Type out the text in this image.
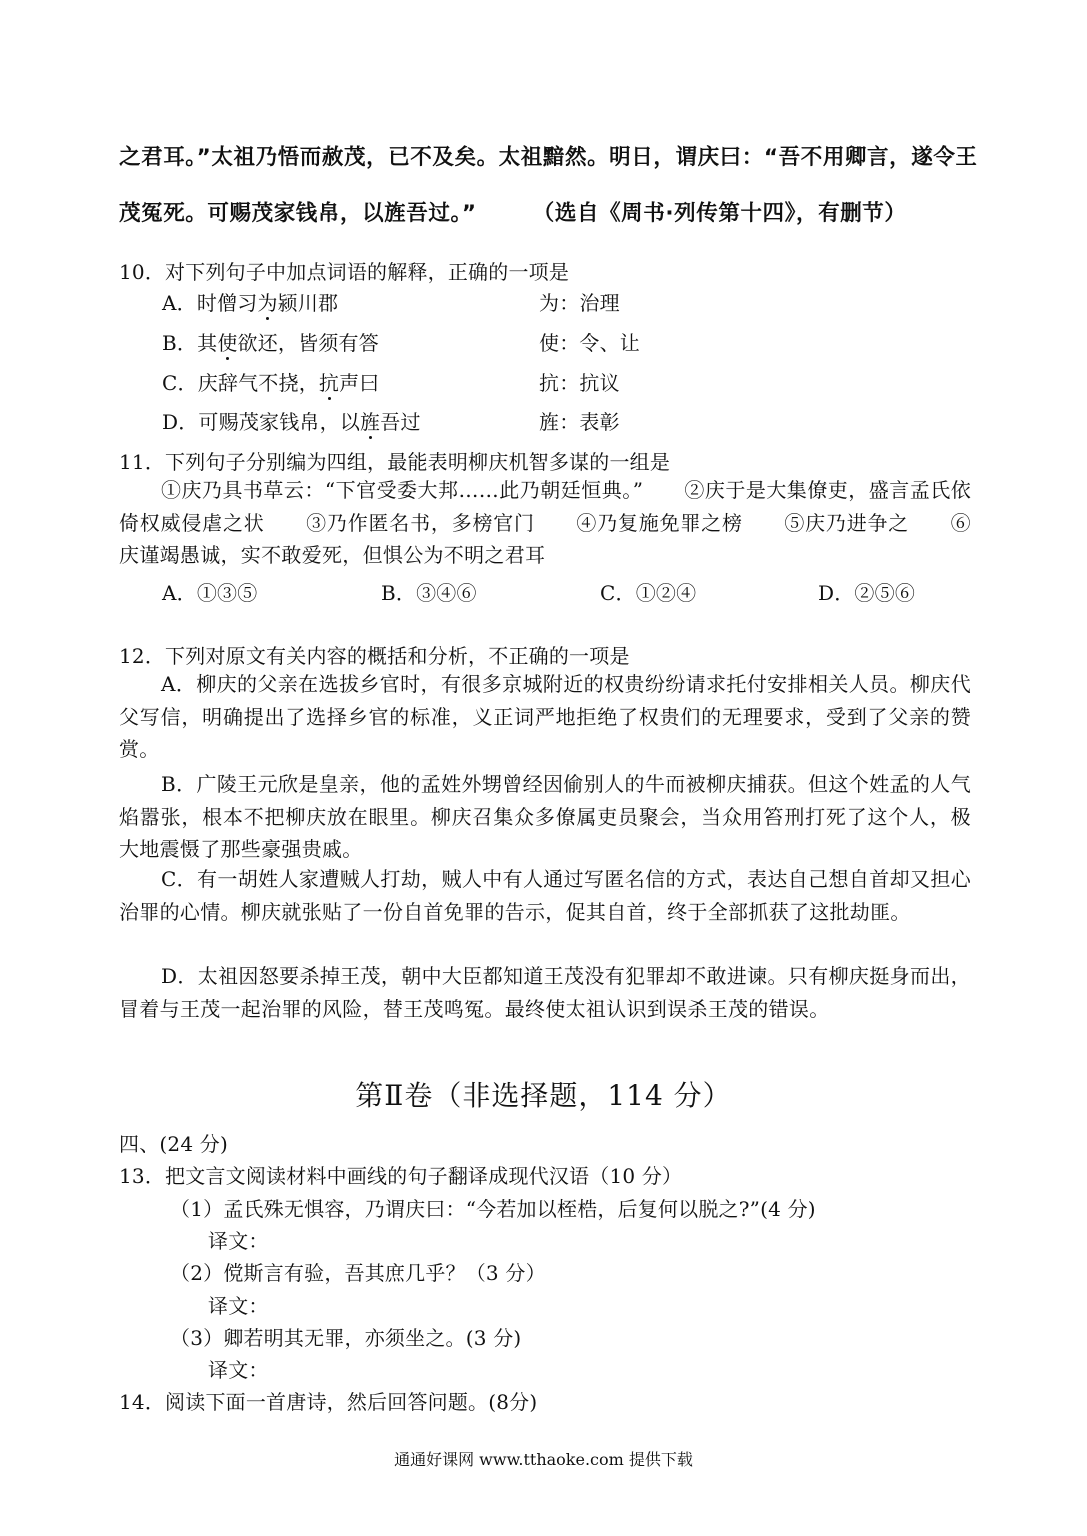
之君耳。”太祖乃悟而赦茂，已不及矣。太祖黯然。明日，谓庆曰：“吾不用卿言，遂令王
茂冤死。可赐茂家钱帛，以旌吾过。”	（选自《周书·列传第十四》，有删节）
10．对下列句子中加点词语的解释，正确的一项是
A．时僧习为颍川郡	为：治理
B．其使欲还，皆须有答	使：令、让
C．庆辞气不挠，抗声曰	抗：抗议
D．可赐茂家钱帛，以旌吾过	旌：表彰
11．下列句子分别编为四组，最能表明柳庆机智多谋的一组是
①庆乃具书草云：“下官受委大邦……此乃朝廷恒典。”　　②庆于是大集僚吏，盛言孟氏依倚权威侵虐之状　　③乃作匿名书，多榜官门　　④乃复施免罪之榜　　⑤庆乃进争之　　⑥庆谨竭愚诚，实不敢爱死，但惧公为不明之君耳
A．①③⑤	B．③④⑥	C．①②④	D．②⑤⑥
12．下列对原文有关内容的概括和分析，不正确的一项是
A．柳庆的父亲在选拔乡官时，有很多京城附近的权贵纷纷请求托付安排相关人员。柳庆代父写信，明确提出了选择乡官的标准，义正词严地拒绝了权贵们的无理要求，受到了父亲的赞赏。
B．广陵王元欣是皇亲，他的孟姓外甥曾经因偷别人的牛而被柳庆捕获。但这个姓孟的人气焰嚣张，根本不把柳庆放在眼里。柳庆召集众多僚属吏员聚会，当众用笞刑打死了这个人，极大地震慑了那些豪强贵戚。
C．有一胡姓人家遭贼人打劫，贼人中有人通过写匿名信的方式，表达自己想自首却又担心治罪的心情。柳庆就张贴了一份自首免罪的告示，促其自首，终于全部抓获了这批劫匪。
D．太祖因怒要杀掉王茂，朝中大臣都知道王茂没有犯罪却不敢进谏。只有柳庆挺身而出，冒着与王茂一起治罪的风险，替王茂鸣冤。最终使太祖认识到误杀王茂的错误。
第Ⅱ卷（非选择题，114 分）
四、(24 分)
13．把文言文阅读材料中画线的句子翻译成现代汉语（10 分）
（1）孟氏殊无惧容，乃谓庆曰：“今若加以桎梏，后复何以脱之?”(4 分)
译文：
（2）傥斯言有验，吾其庶几乎？（3 分）
译文：
（3）卿若明其无罪，亦须坐之。(3 分)
译文：
14．阅读下面一首唐诗，然后回答问题。(8分)
通通好课网 www.tthaoke.com 提供下载
